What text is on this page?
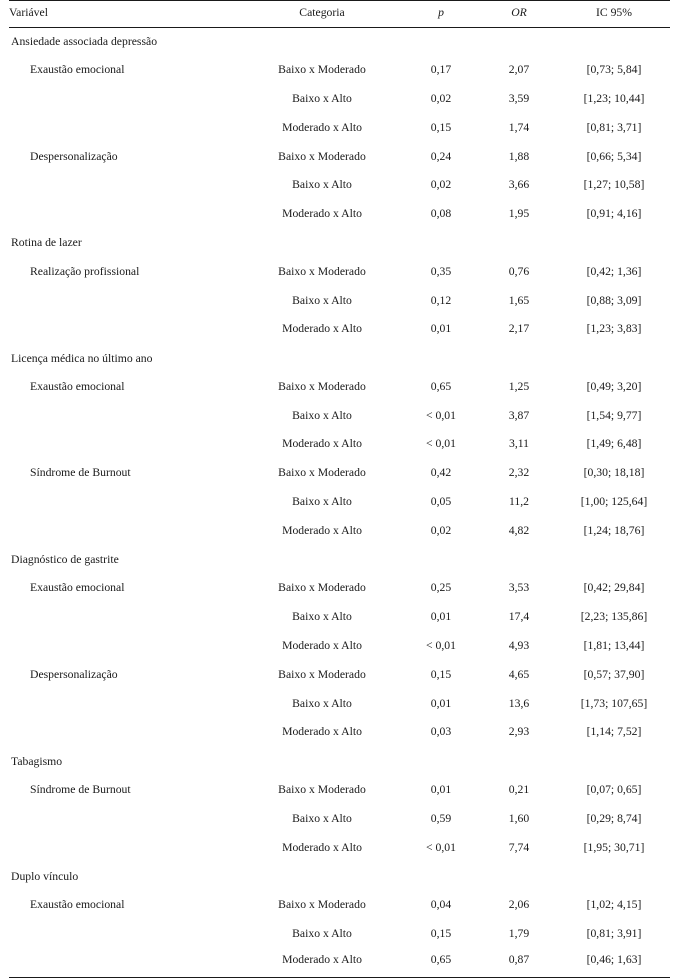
Variável	Categoria	p	OR	IC 95%
Ansiedade associada depressão				
Exaustão emocional	Baixo x Moderado	0,17	2,07	[0,73; 5,84]
	Baixo x Alto	0,02	3,59	[1,23; 10,44]
	Moderado x Alto	0,15	1,74	[0,81; 3,71]
Despersonalização	Baixo x Moderado	0,24	1,88	[0,66; 5,34]
	Baixo x Alto	0,02	3,66	[1,27; 10,58]
	Moderado x Alto	0,08	1,95	[0,91; 4,16]
Rotina de lazer				
Realização profissional	Baixo x Moderado	0,35	0,76	[0,42; 1,36]
	Baixo x Alto	0,12	1,65	[0,88; 3,09]
	Moderado x Alto	0,01	2,17	[1,23; 3,83]
Licença médica no último ano				
Exaustão emocional	Baixo x Moderado	0,65	1,25	[0,49; 3,20]
	Baixo x Alto	< 0,01	3,87	[1,54; 9,77]
	Moderado x Alto	< 0,01	3,11	[1,49; 6,48]
Síndrome de Burnout	Baixo x Moderado	0,42	2,32	[0,30; 18,18]
	Baixo x Alto	0,05	11,2	[1,00; 125,64]
	Moderado x Alto	0,02	4,82	[1,24; 18,76]
Diagnóstico de gastrite				
Exaustão emocional	Baixo x Moderado	0,25	3,53	[0,42; 29,84]
	Baixo x Alto	0,01	17,4	[2,23; 135,86]
	Moderado x Alto	< 0,01	4,93	[1,81; 13,44]
Despersonalização	Baixo x Moderado	0,15	4,65	[0,57; 37,90]
	Baixo x Alto	0,01	13,6	[1,73; 107,65]
	Moderado x Alto	0,03	2,93	[1,14; 7,52]
Tabagismo				
Síndrome de Burnout	Baixo x Moderado	0,01	0,21	[0,07; 0,65]
	Baixo x Alto	0,59	1,60	[0,29; 8,74]
	Moderado x Alto	< 0,01	7,74	[1,95; 30,71]
Duplo vínculo				
Exaustão emocional	Baixo x Moderado	0,04	2,06	[1,02; 4,15]
	Baixo x Alto	0,15	1,79	[0,81; 3,91]
	Moderado x Alto	0,65	0,87	[0,46; 1,63]
